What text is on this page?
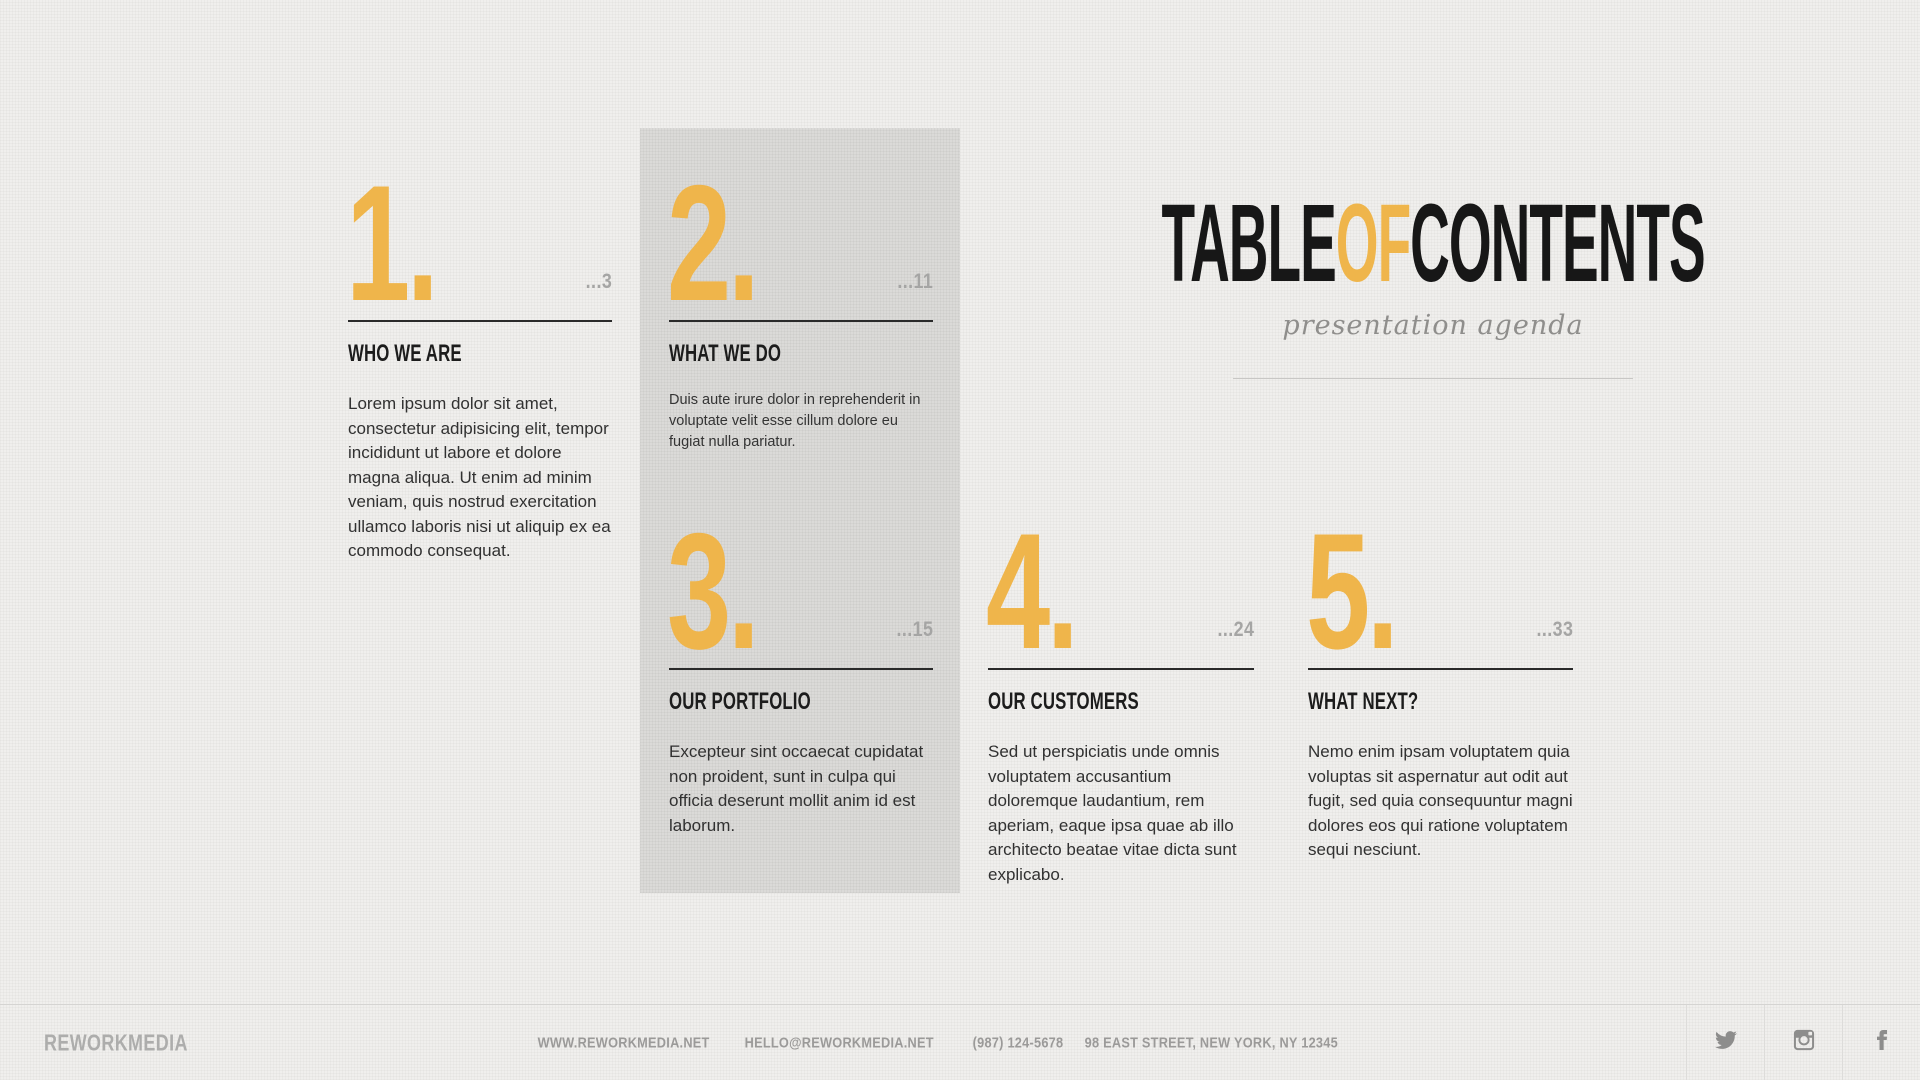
1.	...3
WHO WE ARE

Lorem ipsum dolor sit amet, consectetur adipisicing elit, tempor incididunt ut labore et dolore magna aliqua. Ut enim ad minim veniam, quis nostrud exercitation ullamco laboris nisi ut aliquip ex ea commodo consequat.

2.	...11
WHAT WE DO

Duis aute irure dolor in reprehenderit in voluptate velit esse cillum dolore eu fugiat nulla pariatur.

3.	...15
OUR PORTFOLIO

Excepteur sint occaecat cupidatat non proident, sunt in culpa qui officia deserunt mollit anim id est laborum.

4.	...24
OUR CUSTOMERS

Sed ut perspiciatis unde omnis voluptatem accusantium doloremque laudantium, rem aperiam, eaque ipsa quae ab illo architecto beatae vitae dicta sunt explicabo.

5.	...33
WHAT NEXT?

Nemo enim ipsam voluptatem quia voluptas sit aspernatur aut odit aut fugit, sed quia consequuntur magni dolores eos qui ratione voluptatem sequi nesciunt.

TABLEOFCONTENTS
presentation agenda
REWORKMEDIA	WWW.REWORKMEDIA.NET	HELLO@REWORKMEDIA.NET	(987) 124-5678	98 EAST STREET, NEW YORK, NY 12345
